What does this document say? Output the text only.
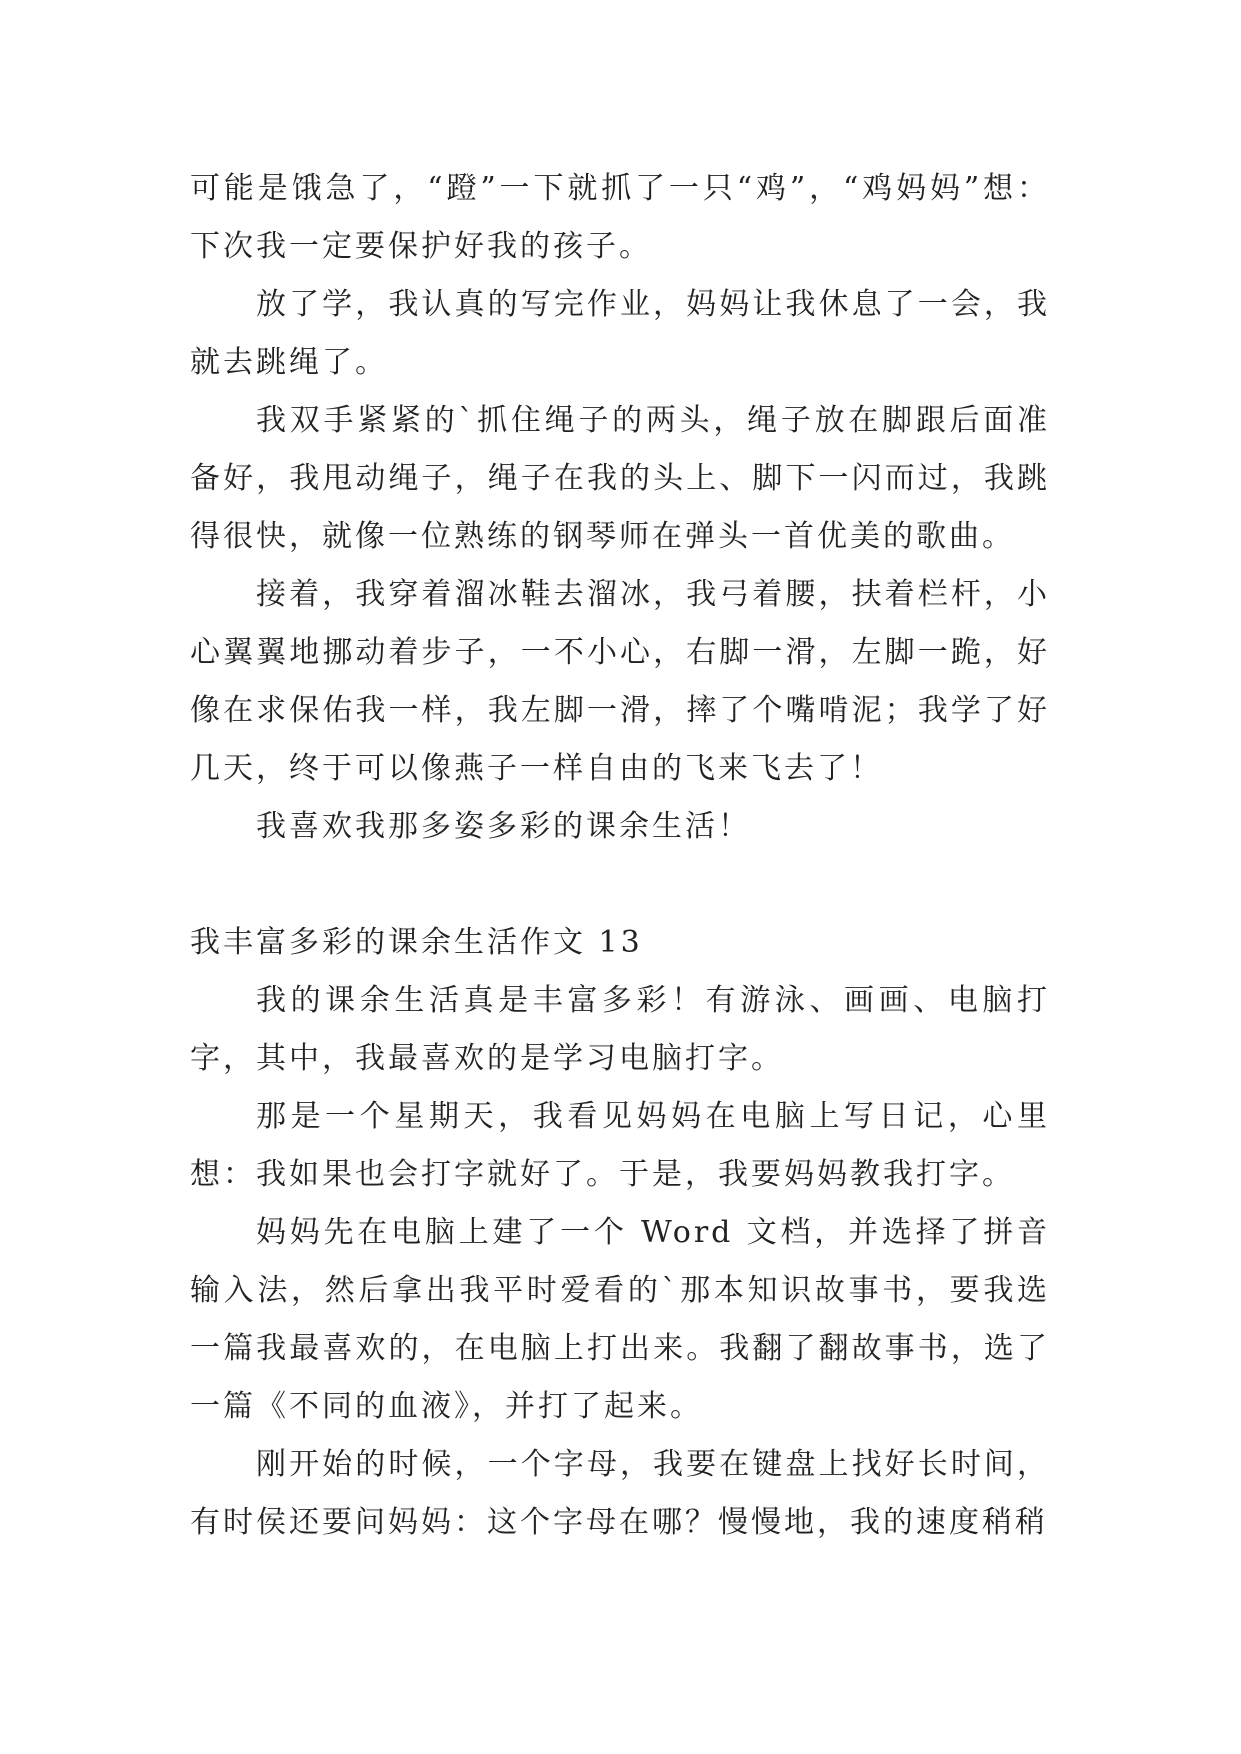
可能是饿急了，“蹬”一下就抓了一只“鸡”，“鸡妈妈”想：下次我一定要保护好我的孩子。

放了学，我认真的写完作业，妈妈让我休息了一会，我就去跳绳了。

我双手紧紧的`抓住绳子的两头，绳子放在脚跟后面准备好，我甩动绳子，绳子在我的头上、脚下一闪而过，我跳得很快，就像一位熟练的钢琴师在弹头一首优美的歌曲。

接着，我穿着溜冰鞋去溜冰，我弓着腰，扶着栏杆，小心翼翼地挪动着步子，一不小心，右脚一滑，左脚一跪，好像在求保佑我一样，我左脚一滑，摔了个嘴啃泥；我学了好几天，终于可以像燕子一样自由的飞来飞去了！

我喜欢我那多姿多彩的课余生活！

我丰富多彩的课余生活作文 13

我的课余生活真是丰富多彩！有游泳、画画、电脑打字，其中，我最喜欢的是学习电脑打字。

那是一个星期天，我看见妈妈在电脑上写日记，心里想：我如果也会打字就好了。于是，我要妈妈教我打字。

妈妈先在电脑上建了一个 Word 文档，并选择了拼音输入法，然后拿出我平时爱看的`那本知识故事书，要我选一篇我最喜欢的，在电脑上打出来。我翻了翻故事书，选了一篇《不同的血液》，并打了起来。

刚开始的时候，一个字母，我要在键盘上找好长时间，有时侯还要问妈妈：这个字母在哪？慢慢地，我的速度稍稍
